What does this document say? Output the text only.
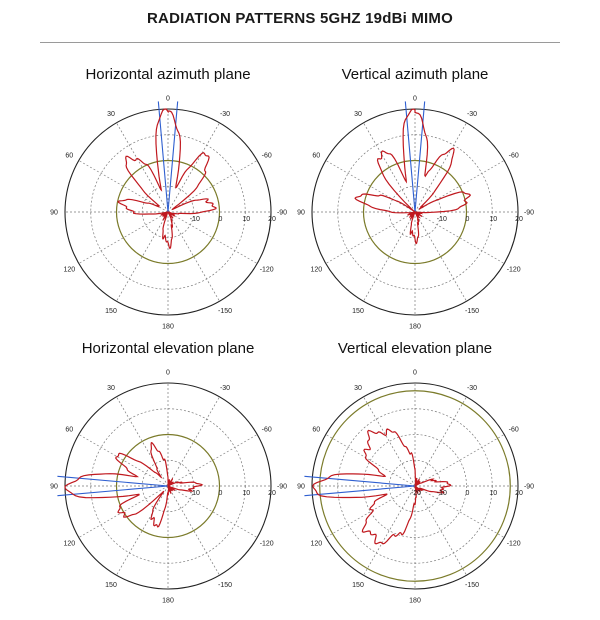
RADIATION PATTERNS 5GHZ 19dBi MIMO
Horizontal azimuth plane
0
-30
-60
-90
-120
-150
180
150
120
90
60
30
-10	0	10	20
Vertical azimuth plane
0
-30
-60
-90
-120
-150
180
150
120
90
60
30
-10	0	10	20
Horizontal elevation plane
0
-30
-60
-90
-120
-150
180
150
120
90
60
30
-10	0	10	20
Vertical elevation plane
0
-30
-60
-90
-120
-150
180
150
120
90
60
30
-20 -10	0	10	20
